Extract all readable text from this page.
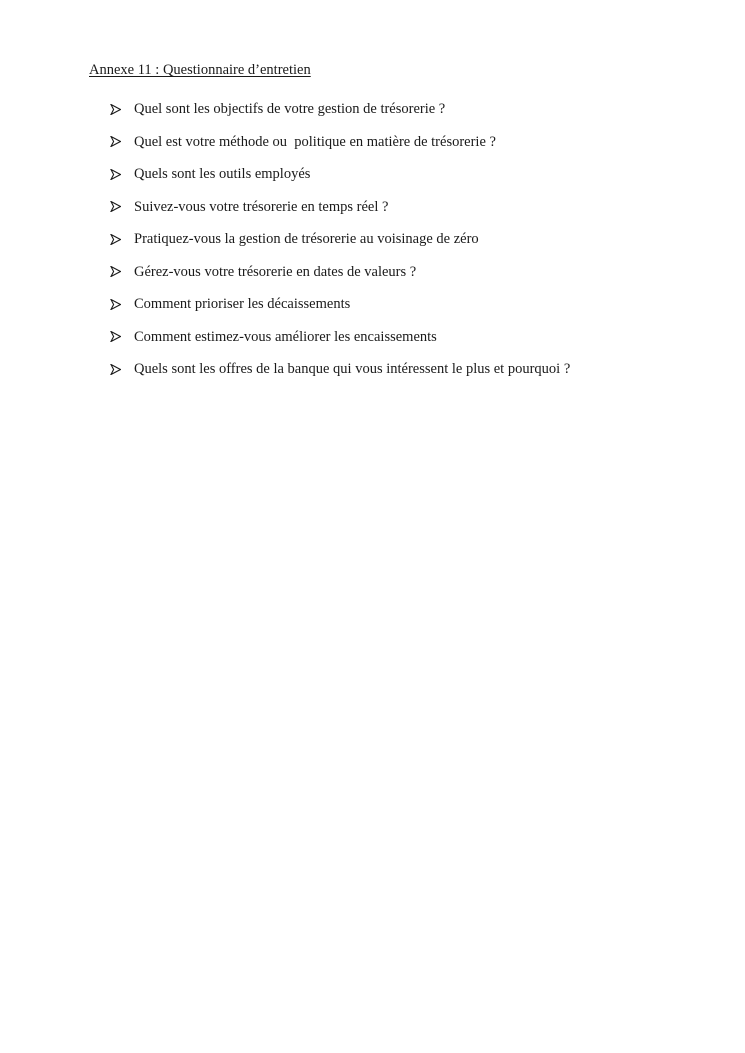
Annexe 11 : Questionnaire d’entretien
Quel sont les objectifs de votre gestion de trésorerie ?
Quel est votre méthode ou  politique en matière de trésorerie ?
Quels sont les outils employés
Suivez-vous votre trésorerie en temps réel ?
Pratiquez-vous la gestion de trésorerie au voisinage de zéro
Gérez-vous votre trésorerie en dates de valeurs ?
Comment prioriser les décaissements
Comment estimez-vous améliorer les encaissements
Quels sont les offres de la banque qui vous intéressent le plus et pourquoi ?
